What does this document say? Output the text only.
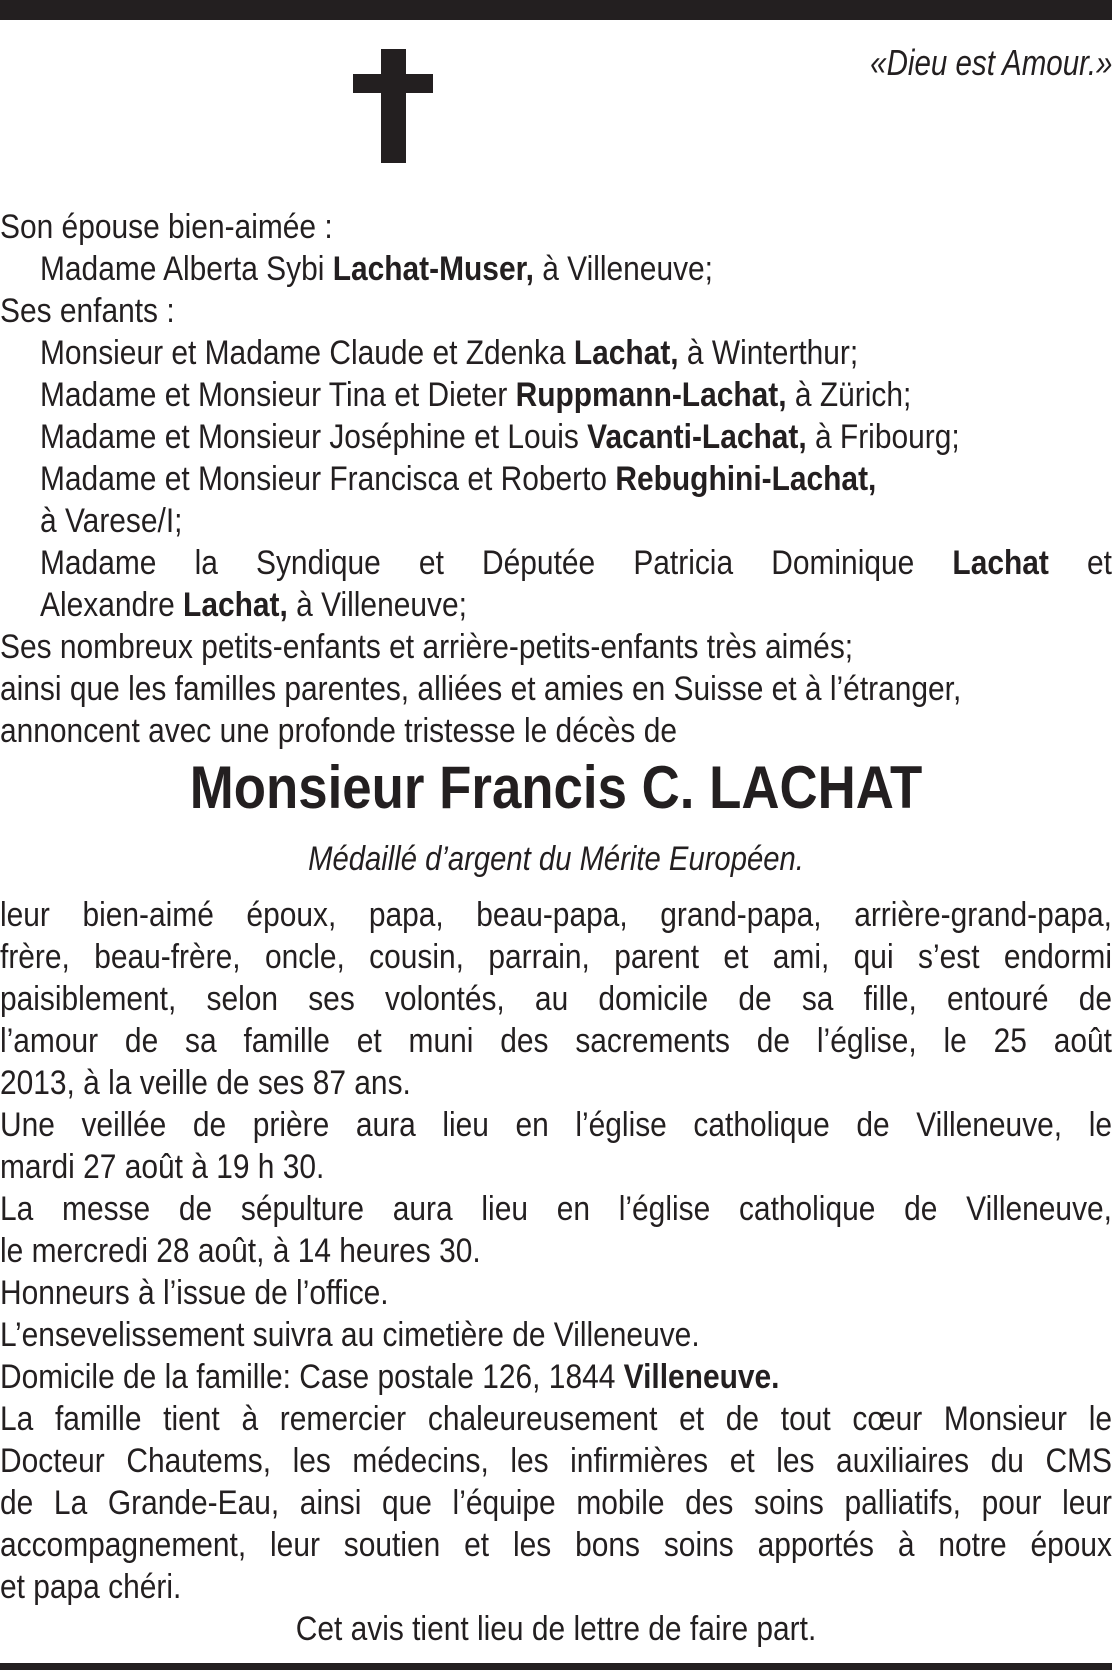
«Dieu est Amour.»
Son épouse bien-aimée :
Madame Alberta Sybi Lachat-Muser, à Villeneuve;
Ses enfants :
Monsieur et Madame Claude et Zdenka Lachat, à Winterthur;
Madame et Monsieur Tina et Dieter Ruppmann-Lachat, à Zürich;
Madame et Monsieur Joséphine et Louis Vacanti-Lachat, à Fribourg;
Madame et Monsieur Francisca et Roberto Rebughini-Lachat,
à Varese/I;
Madame la Syndique et Députée Patricia Dominique Lachat et
Alexandre Lachat, à Villeneuve;
Ses nombreux petits-enfants et arrière-petits-enfants très aimés;
ainsi que les familles parentes, alliées et amies en Suisse et à l’étranger,
annoncent avec une profonde tristesse le décès de
Monsieur Francis C. LACHAT
Médaillé d’argent du Mérite Européen.
leur bien-aimé époux, papa, beau-papa, grand-papa, arrière-grand-papa,
frère, beau-frère, oncle, cousin, parrain, parent et ami, qui s’est endormi
paisiblement, selon ses volontés, au domicile de sa fille, entouré de
l’amour de sa famille et muni des sacrements de l’église, le 25 août
2013, à la veille de ses 87 ans.
Une veillée de prière aura lieu en l’église catholique de Villeneuve, le
mardi 27 août à 19 h 30.
La messe de sépulture aura lieu en l’église catholique de Villeneuve,
le mercredi 28 août, à 14 heures 30.
Honneurs à l’issue de l’office.
L’ensevelissement suivra au cimetière de Villeneuve.
Domicile de la famille: Case postale 126, 1844 Villeneuve.
La famille tient à remercier chaleureusement et de tout cœur Monsieur le
Docteur Chautems, les médecins, les infirmières et les auxiliaires du CMS
de La Grande-Eau, ainsi que l’équipe mobile des soins palliatifs, pour leur
accompagnement, leur soutien et les bons soins apportés à notre époux
et papa chéri.
Cet avis tient lieu de lettre de faire part.
